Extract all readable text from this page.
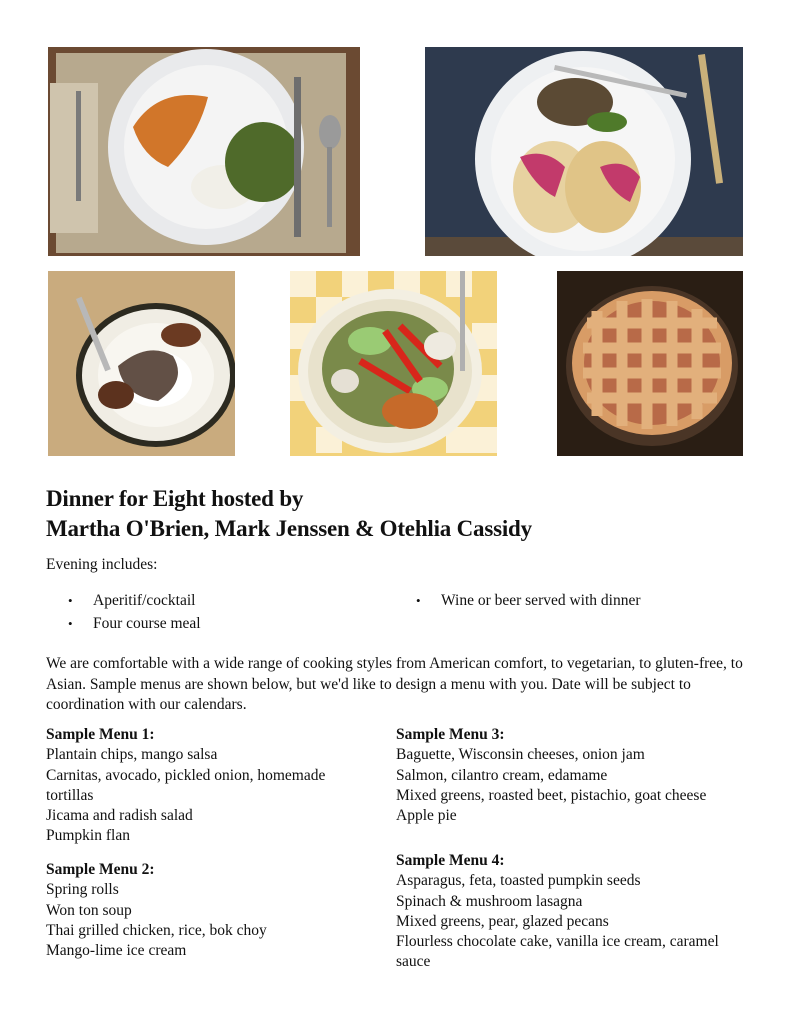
Dinner for Eight hosted by
Martha O'Brien, Mark Jenssen & Otehlia Cassidy
Evening includes:
•	Aperitif/cocktail
•	Four course meal
•	Wine or beer served with dinner
We are comfortable with a wide range of cooking styles from American comfort, to vegetarian, to gluten-free, to Asian. Sample menus are shown below, but we'd like to design a menu with you. Date will be subject to coordination with our calendars.
Sample Menu 1:

Plantain chips, mango salsa

Carnitas, avocado, pickled onion, homemade tortillas

Jicama and radish salad

Pumpkin flan

Sample Menu 2:

Spring rolls

Won ton soup

Thai grilled chicken, rice, bok choy

Mango-lime ice cream

Sample Menu 3:

Baguette, Wisconsin cheeses, onion jam

Salmon, cilantro cream, edamame

Mixed greens, roasted beet, pistachio, goat cheese

Apple pie

Sample Menu 4:

Asparagus, feta, toasted pumpkin seeds

Spinach & mushroom lasagna

Mixed greens, pear, glazed pecans

Flourless chocolate cake, vanilla ice cream, caramel sauce
